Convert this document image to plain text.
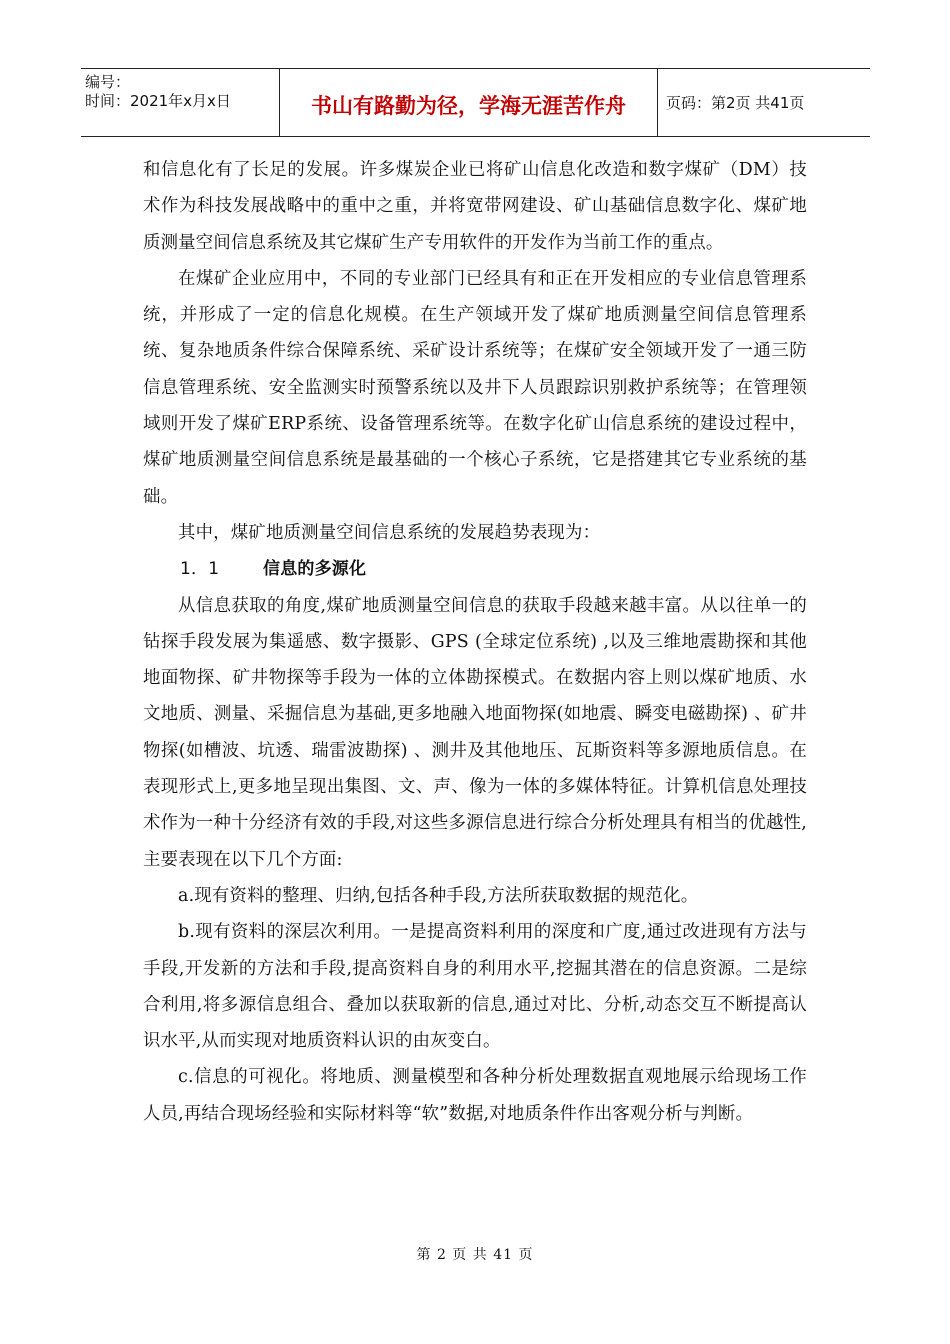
编号：
时间：2021年x月x日	书山有路勤为径，学海无涯苦作舟	页码：第2页 共41页

和信息化有了长足的发展。许多煤炭企业已将矿山信息化改造和数字煤矿（DM）技术作为科技发展战略中的重中之重，并将宽带网建设、矿山基础信息数字化、煤矿地质测量空间信息系统及其它煤矿生产专用软件的开发作为当前工作的重点。

在煤矿企业应用中，不同的专业部门已经具有和正在开发相应的专业信息管理系统，并形成了一定的信息化规模。在生产领域开发了煤矿地质测量空间信息管理系统、复杂地质条件综合保障系统、采矿设计系统等；在煤矿安全领域开发了一通三防信息管理系统、安全监测实时预警系统以及井下人员跟踪识别救护系统等；在管理领域则开发了煤矿ERP系统、设备管理系统等。在数字化矿山信息系统的建设过程中，煤矿地质测量空间信息系统是最基础的一个核心子系统，它是搭建其它专业系统的基础。

其中，煤矿地质测量空间信息系统的发展趋势表现为：

1．1	信息的多源化

从信息获取的角度,煤矿地质测量空间信息的获取手段越来越丰富。从以往单一的钻探手段发展为集遥感、数字摄影、GPS (全球定位系统) ,以及三维地震勘探和其他地面物探、矿井物探等手段为一体的立体勘探模式。在数据内容上则以煤矿地质、水文地质、测量、采掘信息为基础,更多地融入地面物探(如地震、瞬变电磁勘探) 、矿井物探(如槽波、坑透、瑞雷波勘探) 、测井及其他地压、瓦斯资料等多源地质信息。在表现形式上,更多地呈现出集图、文、声、像为一体的多媒体特征。计算机信息处理技术作为一种十分经济有效的手段,对这些多源信息进行综合分析处理具有相当的优越性,主要表现在以下几个方面:

a.现有资料的整理、归纳,包括各种手段,方法所获取数据的规范化。

b.现有资料的深层次利用。一是提高资料利用的深度和广度,通过改进现有方法与手段,开发新的方法和手段,提高资料自身的利用水平,挖掘其潜在的信息资源。二是综合利用,将多源信息组合、叠加以获取新的信息,通过对比、分析,动态交互不断提高认识水平,从而实现对地质资料认识的由灰变白。

c.信息的可视化。将地质、测量模型和各种分析处理数据直观地展示给现场工作人员,再结合现场经验和实际材料等“软”数据,对地质条件作出客观分析与判断。

第 2 页 共 41 页
